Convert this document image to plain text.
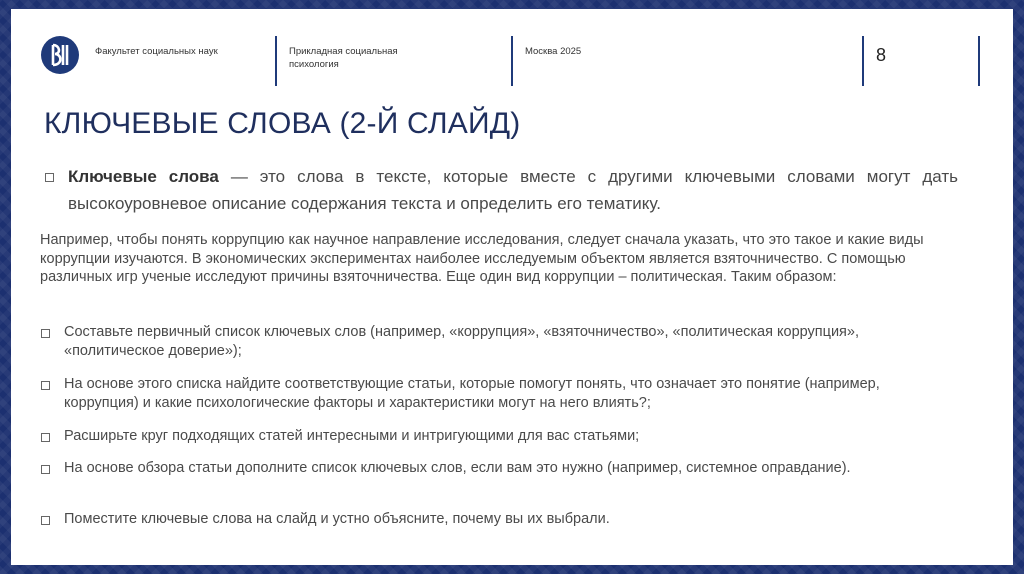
Факультет социальных наук	Прикладная социальная психология
Москва 2025	8
КЛЮЧЕВЫЕ СЛОВА (2-Й СЛАЙД)
Ключевые слова — это слова в тексте, которые вместе с другими ключевыми словами могут дать высокоуровневое описание содержания текста и определить его тематику.
Например, чтобы понять коррупцию как научное направление исследования, следует сначала указать, что это такое и какие виды коррупции изучаются. В экономических экспериментах наиболее исследуемым объектом является взяточничество. С помощью различных игр ученые исследуют причины взяточничества. Еще один вид коррупции – политическая. Таким образом:
Составьте первичный список ключевых слов (например, «коррупция», «взяточничество», «политическая коррупция», «политическое доверие»);
На основе этого списка найдите соответствующие статьи, которые помогут понять, что означает это понятие (например, коррупция) и какие психологические факторы и характеристики могут на него влиять?;
Расширьте круг подходящих статей интересными и интригующими для вас статьями;
На основе обзора статьи дополните список ключевых слов, если вам это нужно (например, системное оправдание).
Поместите ключевые слова на слайд и устно объясните, почему вы их выбрали.
